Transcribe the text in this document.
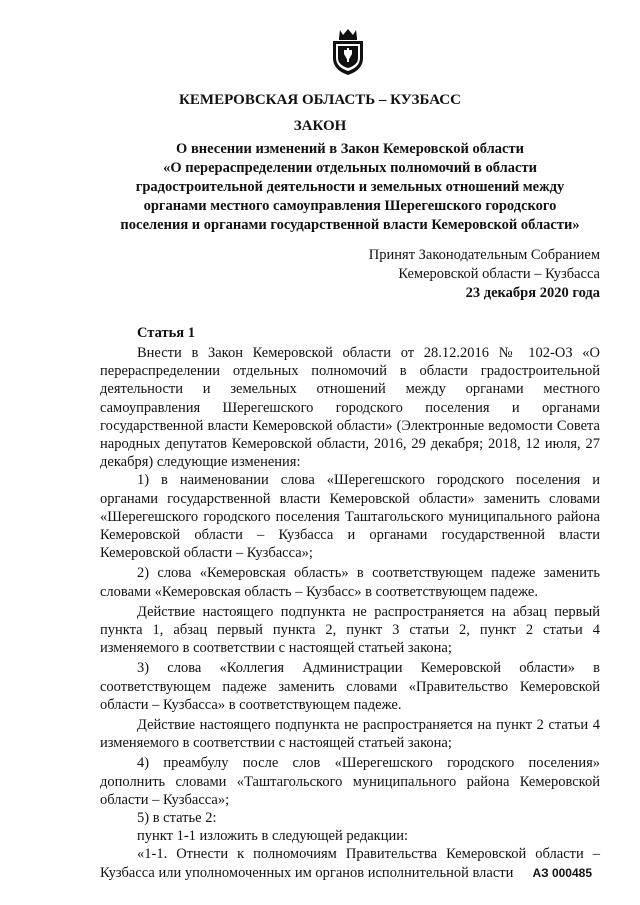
КЕМЕРОВСКАЯ ОБЛАСТЬ – КУЗБАСС
ЗАКОН
О внесении изменений в Закон Кемеровской области
«О перераспределении отдельных полномочий в области
градостроительной деятельности и земельных отношений между
органами местного самоуправления Шерегешского городского
поселения и органами государственной власти Кемеровской области»
Принят Законодательным Собранием
Кемеровской области – Кузбасса
23 декабря 2020 года
Статья 1

Внести в Закон Кемеровской области от 28.12.2016 № 102-ОЗ «О перераспределении отдельных полномочий в области градостроительной деятельности и земельных отношений между органами местного самоуправления Шерегешского городского поселения и органами государственной власти Кемеровской области» (Электронные ведомости Совета народных депутатов Кемеровской области, 2016, 29 декабря; 2018, 12 июля, 27 декабря) следующие изменения:

1) в наименовании слова «Шерегешского городского поселения и органами государственной власти Кемеровской области» заменить словами «Шерегешского городского поселения Таштагольского муниципального района Кемеровской области – Кузбасса и органами государственной власти Кемеровской области – Кузбасса»;

2) слова «Кемеровская область» в соответствующем падеже заменить словами «Кемеровская область – Кузбасс» в соответствующем падеже.

Действие настоящего подпункта не распространяется на абзац первый пункта 1, абзац первый пункта 2, пункт 3 статьи 2, пункт 2 статьи 4 изменяемого в соответствии с настоящей статьей закона;

3) слова «Коллегия Администрации Кемеровской области» в соответствующем падеже заменить словами «Правительство Кемеровской области – Кузбасса» в соответствующем падеже.

Действие настоящего подпункта не распространяется на пункт 2 статьи 4 изменяемого в соответствии с настоящей статьей закона;

4) преамбулу после слов «Шерегешского городского поселения» дополнить словами «Таштагольского муниципального района Кемеровской области – Кузбасса»;

5) в статье 2:

пункт 1-1 изложить в следующей редакции:

«1-1. Отнести к полномочиям Правительства Кемеровской области – Кузбасса или уполномоченных им органов исполнительной власти	АЗ 000485
